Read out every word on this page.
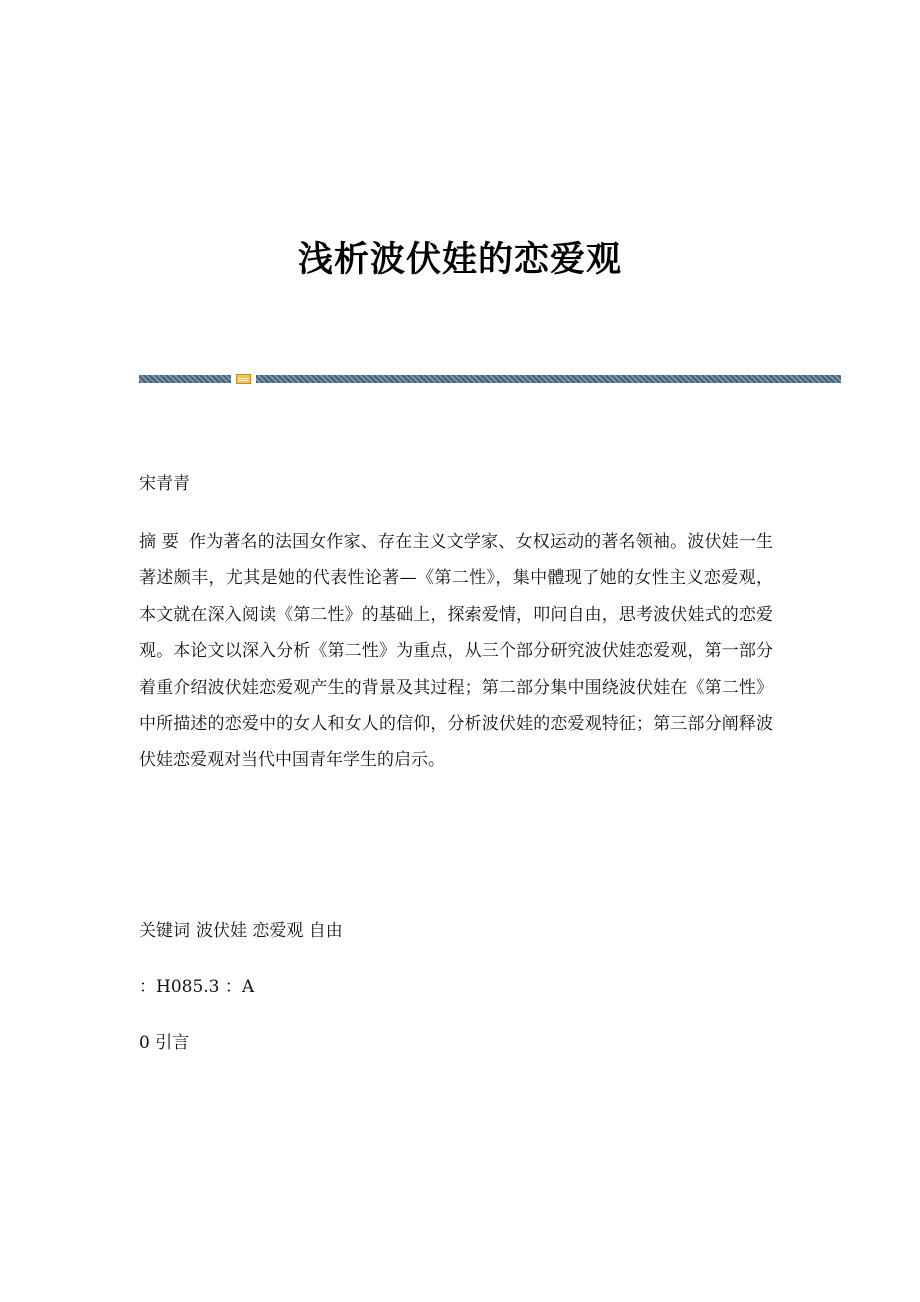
浅析波伏娃的恋爱观

宋青青

摘 要 作为著名的法国女作家、存在主义文学家、女权运动的著名领袖。波伏娃一生著述颇丰，尤其是她的代表性论著—《第二性》，集中體现了她的女性主义恋爱观，本文就在深入阅读《第二性》的基础上，探索爱情，叩问自由，思考波伏娃式的恋爱观。本论文以深入分析《第二性》为重点，从三个部分研究波伏娃恋爱观，第一部分着重介绍波伏娃恋爱观产生的背景及其过程；第二部分集中围绕波伏娃在《第二性》中所描述的恋爱中的女人和女人的信仰，分析波伏娃的恋爱观特征；第三部分阐释波伏娃恋爱观对当代中国青年学生的启示。

关键词 波伏娃 恋爱观 自由

：H085.3 ：A

0 引言
